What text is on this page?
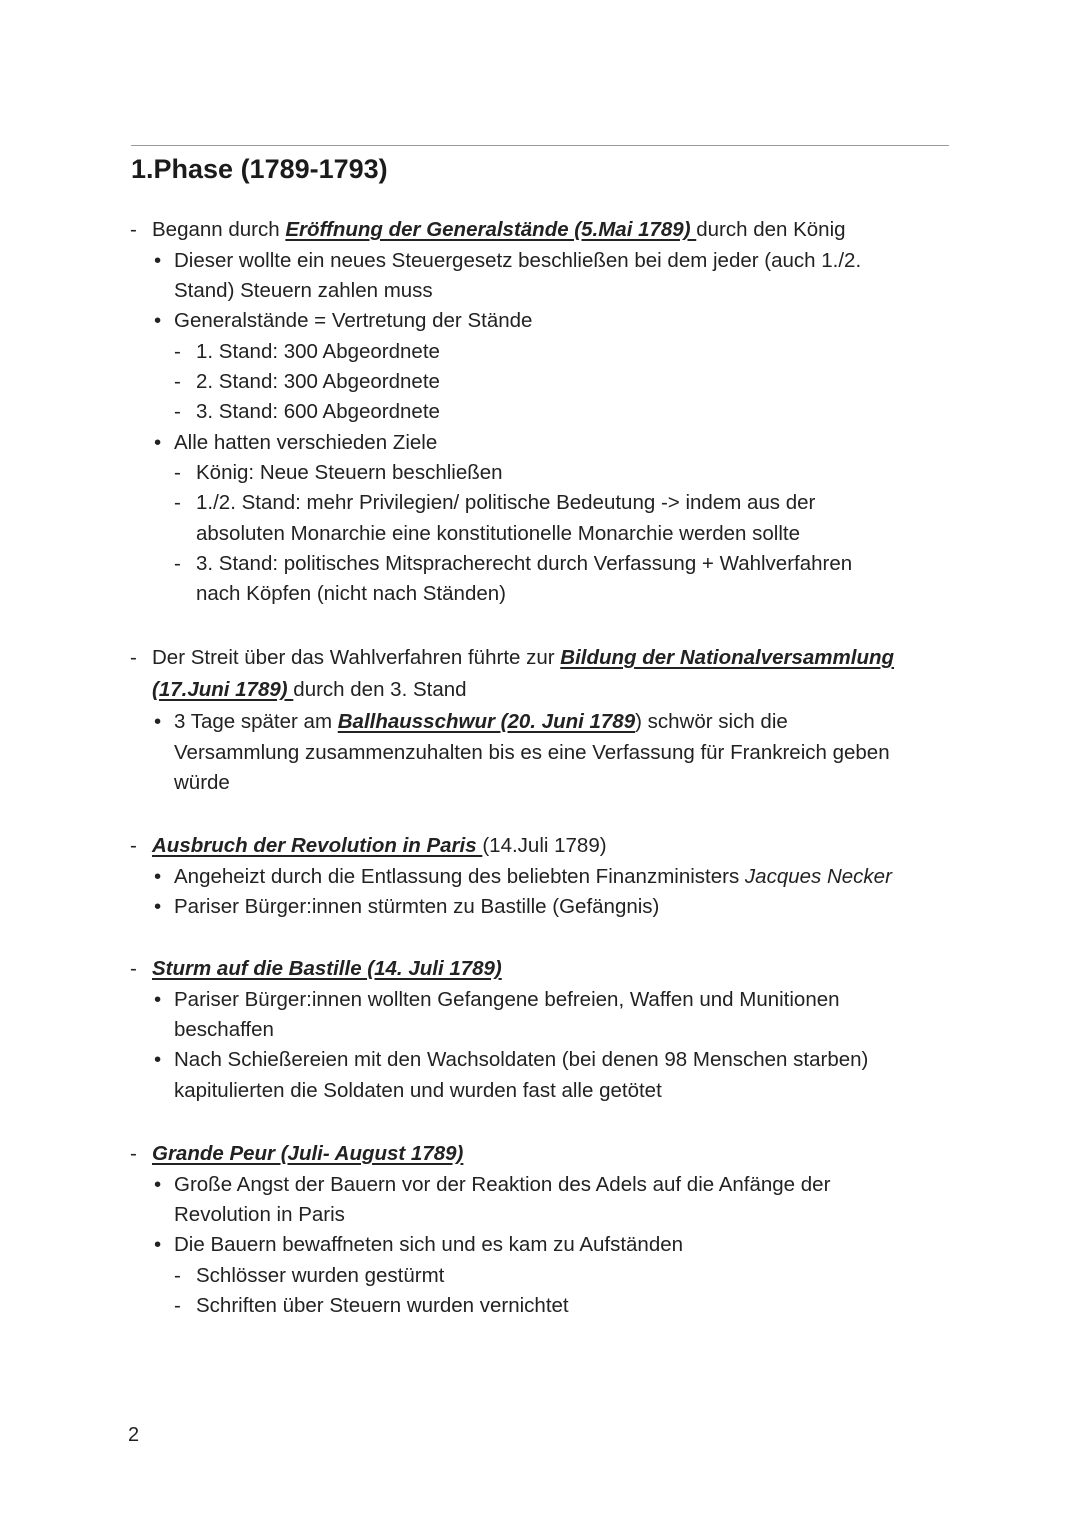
1.Phase (1789-1793)
- Begann durch Eröffnung der Generalstände (5.Mai 1789) durch den König
• Dieser wollte ein neues Steuergesetz beschließen bei dem jeder (auch 1./2.
Stand) Steuern zahlen muss
• Generalstände = Vertretung der Stände
- 1. Stand: 300 Abgeordnete
- 2. Stand: 300 Abgeordnete
- 3. Stand: 600 Abgeordnete
• Alle hatten verschieden Ziele
- König: Neue Steuern beschließen
- 1./2. Stand: mehr Privilegien/ politische Bedeutung -> indem aus der
absoluten Monarchie eine konstitutionelle Monarchie werden sollte
- 3. Stand: politisches Mitspracherecht durch Verfassung + Wahlverfahren
nach Köpfen (nicht nach Ständen)
- Der Streit über das Wahlverfahren führte zur Bildung der Nationalversammlung
(17.Juni 1789) durch den 3. Stand
• 3 Tage später am Ballhausschwur (20. Juni 1789) schwör sich die
Versammlung zusammenzuhalten bis es eine Verfassung für Frankreich geben
würde
- Ausbruch der Revolution in Paris (14.Juli 1789)
• Angeheizt durch die Entlassung des beliebten Finanzministers Jacques Necker
• Pariser Bürger:innen stürmten zu Bastille (Gefängnis)
- Sturm auf die Bastille (14. Juli 1789)
• Pariser Bürger:innen wollten Gefangene befreien, Waffen und Munitionen
beschaffen
• Nach Schießereien mit den Wachsoldaten (bei denen 98 Menschen starben)
kapitulierten die Soldaten und wurden fast alle getötet
- Grande Peur (Juli- August 1789)
• Große Angst der Bauern vor der Reaktion des Adels auf die Anfänge der
Revolution in Paris
• Die Bauern bewaffneten sich und es kam zu Aufständen
- Schlösser wurden gestürmt
- Schriften über Steuern wurden vernichtet
2
